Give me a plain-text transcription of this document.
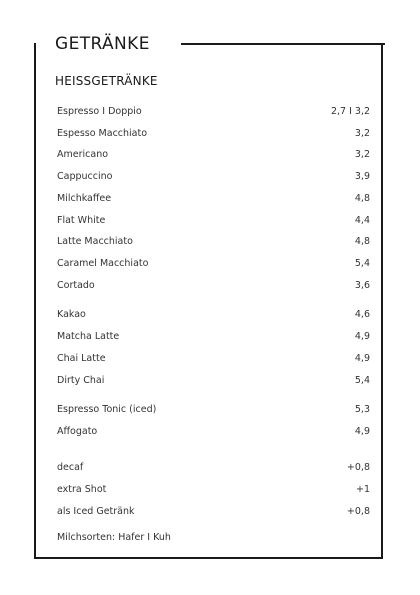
GETRÄNKE
HEISSGETRÄNKE
Espresso I Doppio	2,7 I 3,2
Espesso Macchiato	3,2
Americano	3,2
Cappuccino	3,9
Milchkaffee	4,8
Flat White	4,4
Latte Macchiato	4,8
Caramel Macchiato	5,4
Cortado	3,6
Kakao	4,6
Matcha Latte	4,9
Chai Latte	4,9
Dirty Chai	5,4
Espresso Tonic (iced)	5,3
Affogato	4,9
decaf	+0,8
extra Shot	+1
als Iced Getränk	+0,8
Milchsorten: Hafer I Kuh
